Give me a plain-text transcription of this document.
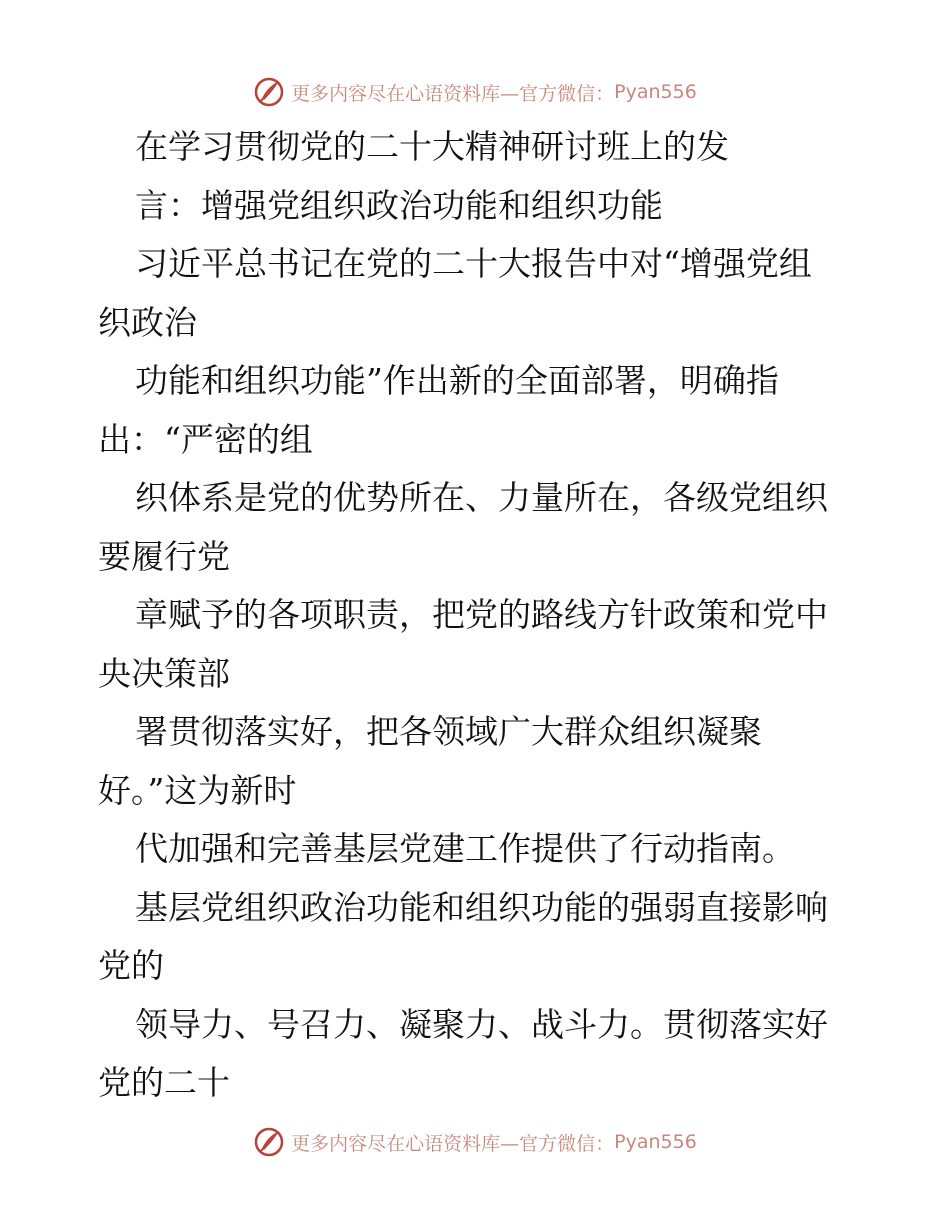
更多内容尽在心语资料库—官方微信： Pyan556
在学习贯彻党的二十大精神研讨班上的发
言：增强党组织政治功能和组织功能
习近平总书记在党的二十大报告中对“增强党组
织政治
功能和组织功能”作出新的全面部署，明确指
出：“严密的组
织体系是党的优势所在、力量所在，各级党组织
要履行党
章赋予的各项职责，把党的路线方针政策和党中
央决策部
署贯彻落实好，把各领域广大群众组织凝聚
好。”这为新时
代加强和完善基层党建工作提供了行动指南。
基层党组织政治功能和组织功能的强弱直接影响
党的
领导力、号召力、凝聚力、战斗力。贯彻落实好
党的二十
更多内容尽在心语资料库—官方微信： Pyan556
